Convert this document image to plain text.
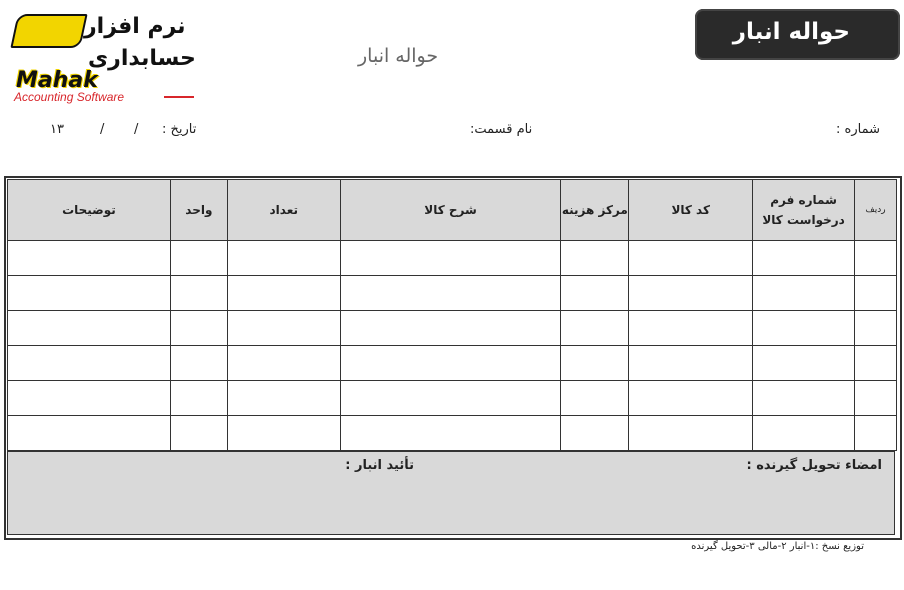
نرم افزار
حسابداری
Mahak
Accounting Software
حواله انبار
حواله انبار
شماره :
نام قسمت:
تاریخ :
۱۳	/ /
ردیف	شماره فرم درخواست کالا	کد کالا	مرکز هزینه	شرح کالا	تعداد	واحد	توضیحات

امضاء تحویل گیرنده :
تأئید انبار :
توزیع نسخ :۱-انبار ۲-مالی ۳-تحویل گیرنده
